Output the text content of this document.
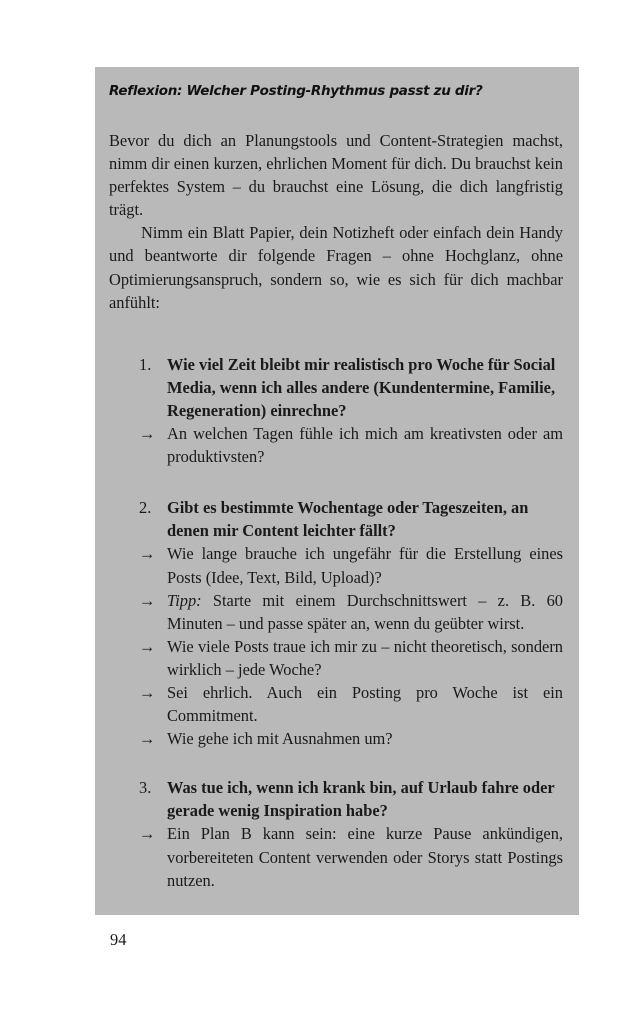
Reflexion: Welcher Posting-Rhythmus passt zu dir?

Bevor du dich an Planungstools und Content-Strategien machst, nimm dir einen kurzen, ehrlichen Moment für dich. Du brauchst kein perfektes System – du brauchst eine Lösung, die dich langfristig trägt.

Nimm ein Blatt Papier, dein Notizheft oder einfach dein Handy und beantworte dir folgende Fragen – ohne Hochglanz, ohne Optimierungsanspruch, sondern so, wie es sich für dich machbar anfühlt:

1. Wie viel Zeit bleibt mir realistisch pro Woche für Social Media, wenn ich alles andere (Kundentermine, Familie, Regeneration) einrechne?
→ An welchen Tagen fühle ich mich am kreativsten oder am produktivsten?
2. Gibt es bestimmte Wochentage oder Tageszeiten, an denen mir Content leichter fällt?
→ Wie lange brauche ich ungefähr für die Erstellung eines Posts (Idee, Text, Bild, Upload)?
→ Tipp: Starte mit einem Durchschnittswert – z. B. 60 Minuten – und passe später an, wenn du geübter wirst.
→ Wie viele Posts traue ich mir zu – nicht theoretisch, sondern wirklich – jede Woche?
→ Sei ehrlich. Auch ein Posting pro Woche ist ein Commitment.
→ Wie gehe ich mit Ausnahmen um?
3. Was tue ich, wenn ich krank bin, auf Urlaub fahre oder gerade wenig Inspiration habe?
→ Ein Plan B kann sein: eine kurze Pause ankündigen, vorbereiteten Content verwenden oder Storys statt Postings nutzen.
94
